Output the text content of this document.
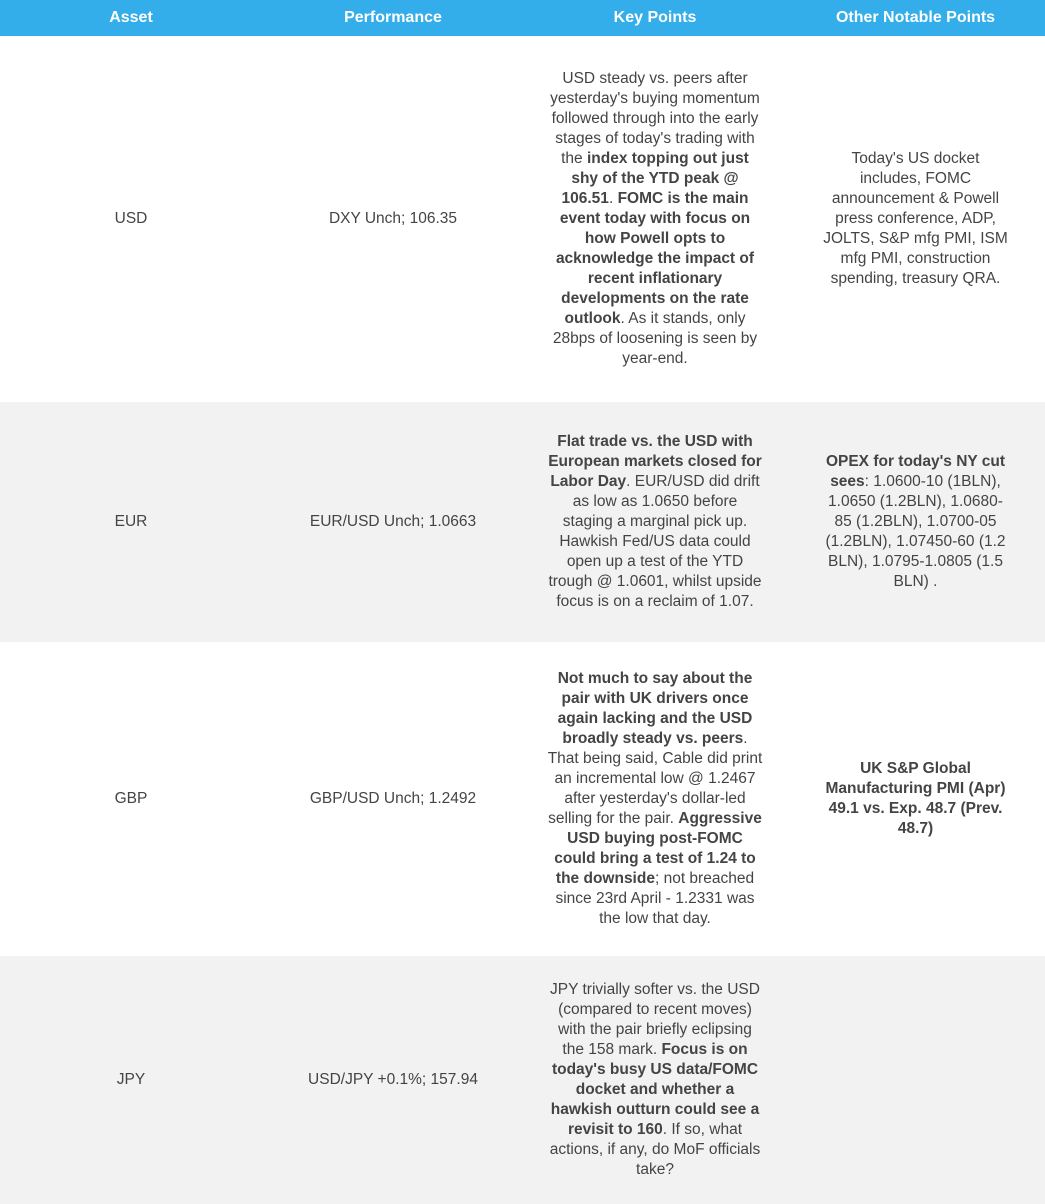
Asset	Performance	Key Points	Other Notable Points
USD	DXY Unch; 106.35	USD steady vs. peers after yesterday's buying momentum followed through into the early stages of today's trading with the index topping out just shy of the YTD peak @ 106.51. FOMC is the main event today with focus on how Powell opts to acknowledge the impact of recent inflationary developments on the rate outlook. As it stands, only 28bps of loosening is seen by year-end.	Today's US docket includes, FOMC announcement & Powell press conference, ADP, JOLTS, S&P mfg PMI, ISM mfg PMI, construction spending, treasury QRA.

EUR	EUR/USD Unch; 1.0663	Flat trade vs. the USD with European markets closed for Labor Day. EUR/USD did drift as low as 1.0650 before staging a marginal pick up. Hawkish Fed/US data could open up a test of the YTD trough @ 1.0601, whilst upside focus is on a reclaim of 1.07.	OPEX for today's NY cut sees: 1.0600-10 (1BLN), 1.0650 (1.2BLN), 1.0680-85 (1.2BLN), 1.0700-05 (1.2BLN), 1.07450-60 (1.2 BLN), 1.0795-1.0805 (1.5 BLN) .

GBP	GBP/USD Unch; 1.2492	Not much to say about the pair with UK drivers once again lacking and the USD broadly steady vs. peers. That being said, Cable did print an incremental low @ 1.2467 after yesterday's dollar-led selling for the pair. Aggressive USD buying post-FOMC could bring a test of 1.24 to the downside; not breached since 23rd April - 1.2331 was the low that day.	UK S&P Global Manufacturing PMI (Apr) 49.1 vs. Exp. 48.7 (Prev. 48.7)

JPY	USD/JPY +0.1%; 157.94	JPY trivially softer vs. the USD (compared to recent moves) with the pair briefly eclipsing the 158 mark. Focus is on today's busy US data/FOMC docket and whether a hawkish outturn could see a revisit to 160. If so, what actions, if any, do MoF officials take?	
